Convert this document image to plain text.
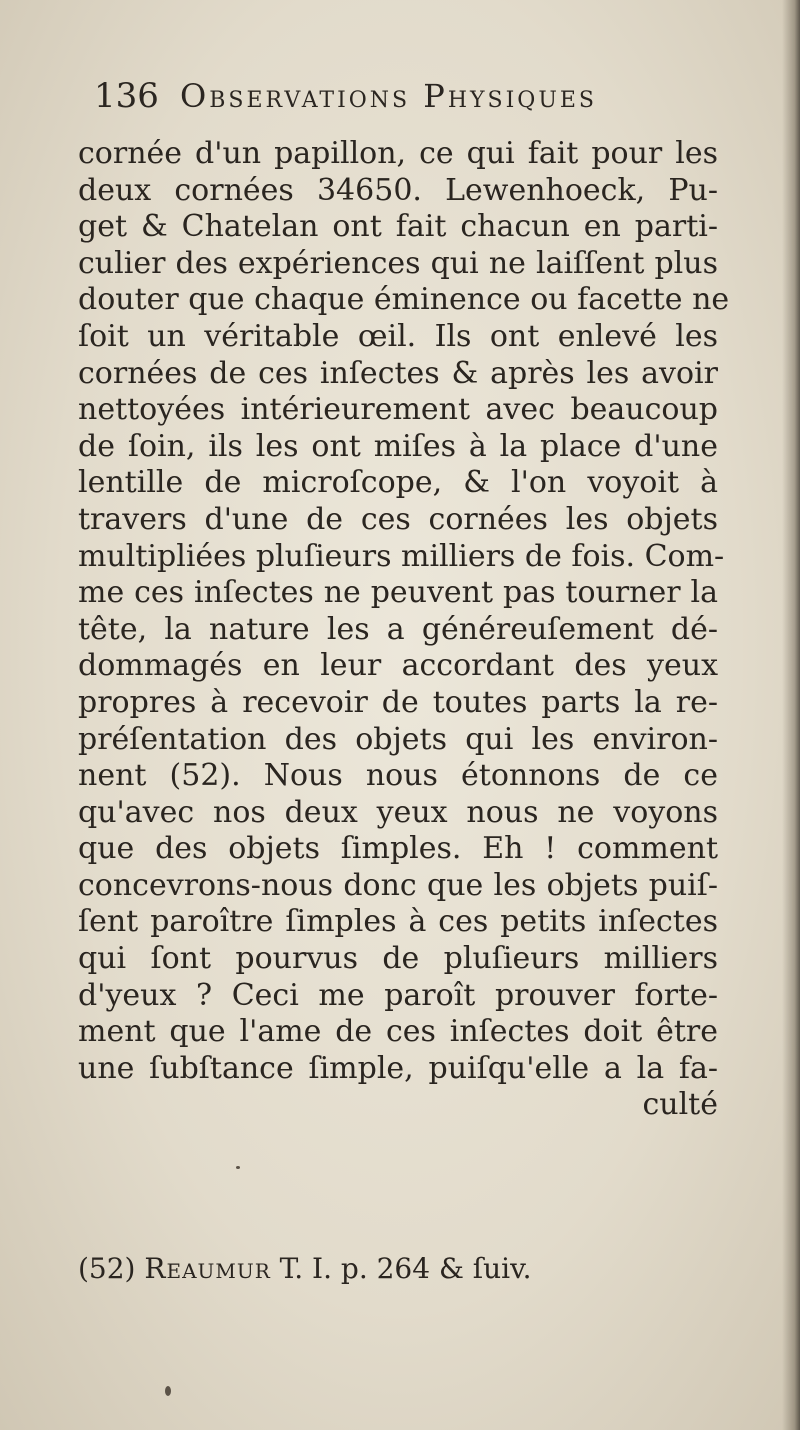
136 Observations Physiques
cornée d'un papillon, ce qui fait pour les
deux cornées 34650. Lewenhoeck, Pu-
get & Chatelan ont fait chacun en parti-
culier des expériences qui ne laiſſent plus
douter que chaque éminence ou facette ne
ſoit un véritable œil. Ils ont enlevé les
cornées de ces inſectes & après les avoir
nettoyées intérieurement avec beaucoup
de ſoin, ils les ont miſes à la place d'une
lentille de microſcope, & l'on voyoit à
travers d'une de ces cornées les objets
multipliées pluſieurs milliers de fois. Com-
me ces inſectes ne peuvent pas tourner la
tête, la nature les a généreuſement dé-
dommagés en leur accordant des yeux
propres à recevoir de toutes parts la re-
préſentation des objets qui les environ-
nent (52). Nous nous étonnons de ce
qu'avec nos deux yeux nous ne voyons
que des objets ſimples. Eh ! comment
concevrons-nous donc que les objets puiſ-
ſent paroître ſimples à ces petits inſectes
qui ſont pourvus de pluſieurs milliers
d'yeux ? Ceci me paroît prouver forte-
ment que l'ame de ces inſectes doit être
une ſubſtance ſimple, puiſqu'elle a la fa-
culté
(52) Reaumur T. I. p. 264 & ſuiv.
